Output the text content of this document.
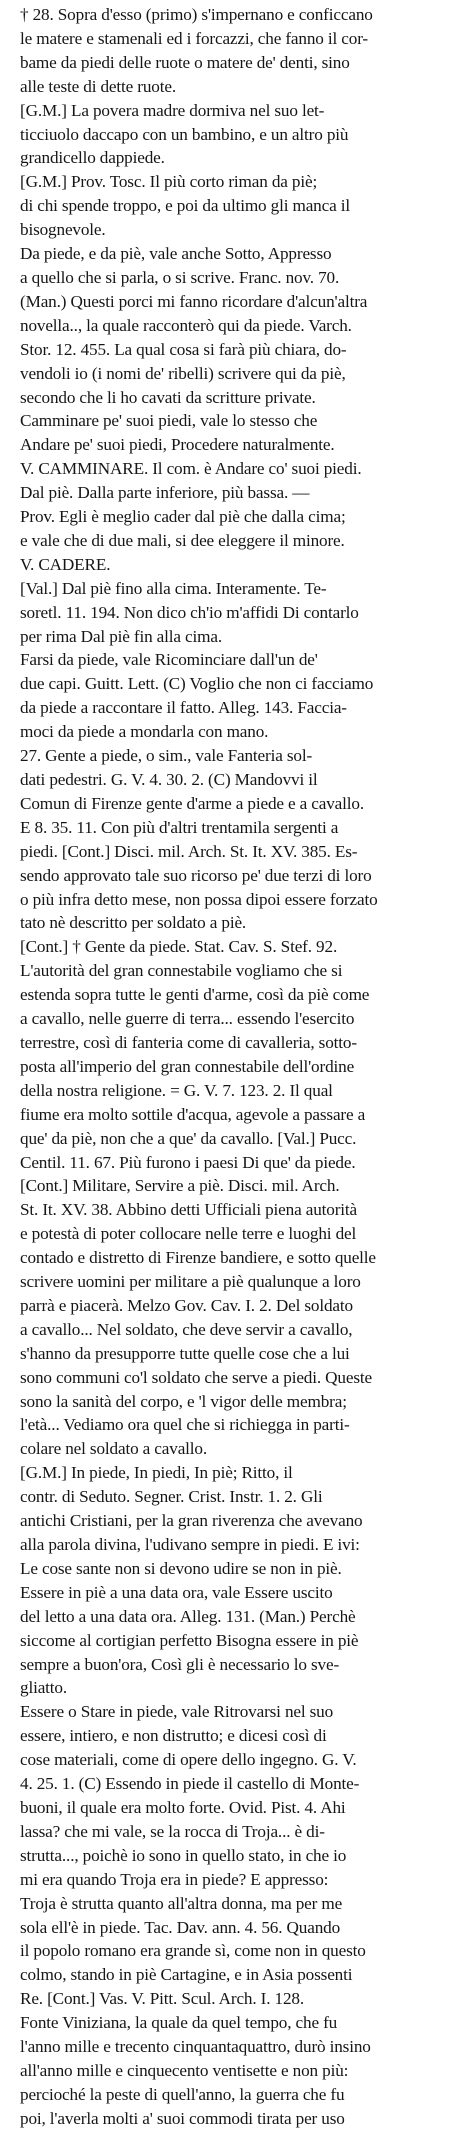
† 28. Sopra d'esso (primo) s'impernano e conficcano
le matere e stamenali ed i forcazzi, che fanno il cor-
bame da piedi delle ruote o matere de' denti, sino
alle teste di dette ruote.
[G.M.] La povera madre dormiva nel suo let-
ticciuolo daccapo con un bambino, e un altro più
grandicello dappiede.
[G.M.] Prov. Tosc. Il più corto riman da piè;
di chi spende troppo, e poi da ultimo gli manca il
bisognevole.
Da piede, e da piè, vale anche Sotto, Appresso
a quello che si parla, o si scrive. Franc. nov. 70.
(Man.) Questi porci mi fanno ricordare d'alcun'altra
novella.., la quale racconterò qui da piede. Varch.
Stor. 12. 455. La qual cosa si farà più chiara, do-
vendoli io (i nomi de' ribelli) scrivere qui da piè,
secondo che li ho cavati da scritture private.
Camminare pe' suoi piedi, vale lo stesso che
Andare pe' suoi piedi, Procedere naturalmente.
V. CAMMINARE. Il com. è Andare co' suoi piedi.
Dal piè. Dalla parte inferiore, più bassa. —
Prov. Egli è meglio cader dal piè che dalla cima;
e vale che di due mali, si dee eleggere il minore.
V. CADERE.
[Val.] Dal piè fino alla cima. Interamente. Te-
soretl. 11. 194. Non dico ch'io m'affidi Di contarlo
per rima Dal piè fin alla cima.
Farsi da piede, vale Ricominciare dall'un de'
due capi. Guitt. Lett. (C) Voglio che non ci facciamo
da piede a raccontare il fatto. Alleg. 143. Faccia-
moci da piede a mondarla con mano.
27. Gente a piede, o sim., vale Fanteria sol-
dati pedestri. G. V. 4. 30. 2. (C) Mandovvi il
Comun di Firenze gente d'arme a piede e a cavallo.
E 8. 35. 11. Con più d'altri trentamila sergenti a
piedi. [Cont.] Disci. mil. Arch. St. It. XV. 385. Es-
sendo approvato tale suo ricorso pe' due terzi di loro
o più infra detto mese, non possa dipoi essere forzato
tato nè descritto per soldato a piè.
[Cont.] † Gente da piede. Stat. Cav. S. Stef. 92.
L'autorità del gran connestabile vogliamo che si
estenda sopra tutte le genti d'arme, così da piè come
a cavallo, nelle guerre di terra... essendo l'esercito
terrestre, così di fanteria come di cavalleria, sotto-
posta all'imperio del gran connestabile dell'ordine
della nostra religione. = G. V. 7. 123. 2. Il qual
fiume era molto sottile d'acqua, agevole a passare a
que' da piè, non che a que' da cavallo. [Val.] Pucc.
Centil. 11. 67. Più furono i paesi Di que' da piede.
[Cont.] Militare, Servire a piè. Disci. mil. Arch.
St. It. XV. 38. Abbino detti Ufficiali piena autorità
e potestà di poter collocare nelle terre e luoghi del
contado e distretto di Firenze bandiere, e sotto quelle
scrivere uomini per militare a piè qualunque a loro
parrà e piacerà. Melzo Gov. Cav. I. 2. Del soldato
a cavallo... Nel soldato, che deve servir a cavallo,
s'hanno da presupporre tutte quelle cose che a lui
sono communi co'l soldato che serve a piedi. Queste
sono la sanità del corpo, e 'l vigor delle membra;
l'età... Vediamo ora quel che si richiegga in parti-
colare nel soldato a cavallo.
[G.M.] In piede, In piedi, In piè; Ritto, il
contr. di Seduto. Segner. Crist. Instr. 1. 2. Gli
antichi Cristiani, per la gran riverenza che avevano
alla parola divina, l'udivano sempre in piedi. E ivi:
Le cose sante non si devono udire se non in piè.
Essere in piè a una data ora, vale Essere uscito
del letto a una data ora. Alleg. 131. (Man.) Perchè
siccome al cortigian perfetto Bisogna essere in piè
sempre a buon'ora, Così gli è necessario lo sve-
gliatto.
Essere o Stare in piede, vale Ritrovarsi nel suo
essere, intiero, e non distrutto; e dicesi così di
cose materiali, come di opere dello ingegno. G. V.
4. 25. 1. (C) Essendo in piede il castello di Monte-
buoni, il quale era molto forte. Ovid. Pist. 4. Ahi
lassa? che mi vale, se la rocca di Troja... è di-
strutta..., poichè io sono in quello stato, in che io
mi era quando Troja era in piede? E appresso:
Troja è strutta quanto all'altra donna, ma per me
sola ell'è in piede. Tac. Dav. ann. 4. 56. Quando
il popolo romano era grande sì, come non in questo
colmo, stando in piè Cartagine, e in Asia possenti
Re. [Cont.] Vas. V. Pitt. Scul. Arch. I. 128.
Fonte Viniziana, la quale da quel tempo, che fu
l'anno mille e trecento cinquantaquattro, durò insino
all'anno mille e cinquecento ventisette e non più:
percioché la peste di quell'anno, la guerra che fu
poi, l'averla molti a' suoi commodi tirata per uso
